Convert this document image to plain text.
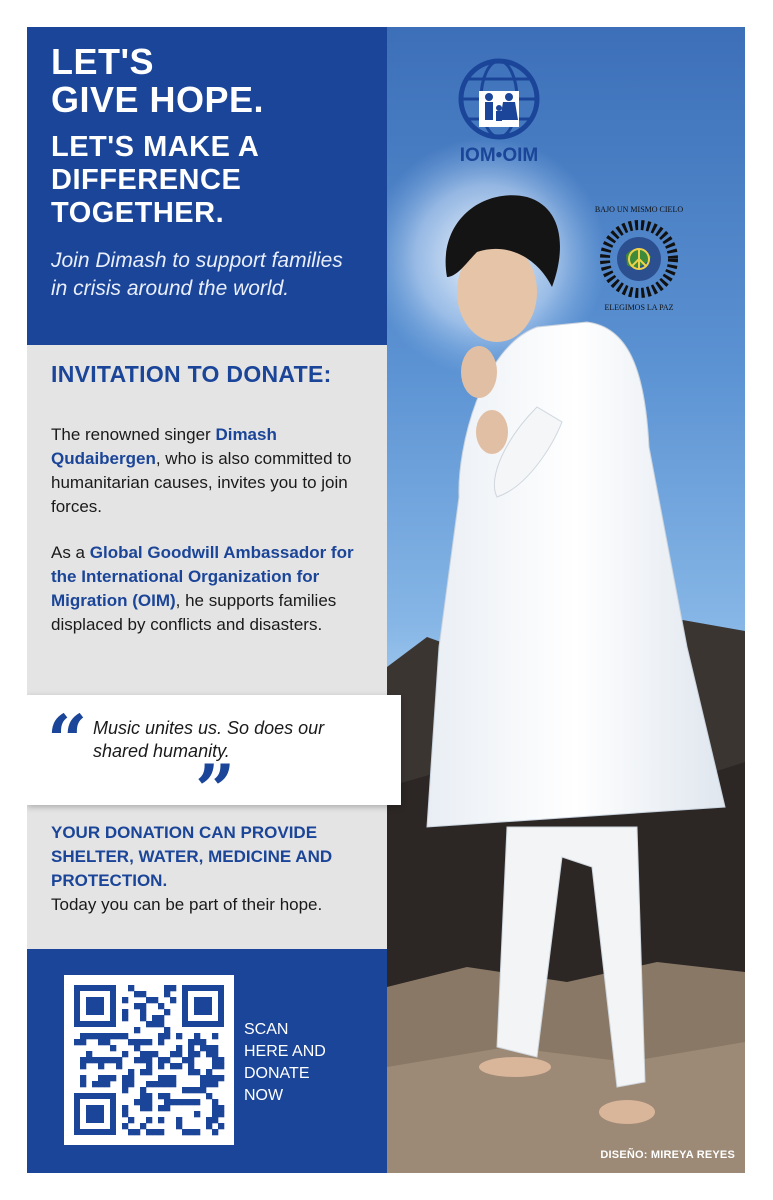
IOM•OIM
BAJO UN MISMO CIELO
ELEGIMOS LA PAZ
DISEÑO: MIREYA REYES
LET'S
GIVE HOPE.
LET'S MAKE A
DIFFERENCE
TOGETHER.
Join Dimash to support families in crisis around the world.
INVITATION TO DONATE:
The renowned singer Dimash Qudaibergen, who is also committed to humanitarian causes, invites you to join forces.
As a Global Goodwill Ambassador for the International Organization for Migration (OIM), he supports families displaced by conflicts and disasters.
YOUR DONATION CAN PROVIDE SHELTER, WATER, MEDICINE AND PROTECTION.
Today you can be part of their hope.
“ Music unites us. So does our shared humanity.
”
SCAN
HERE AND
DONATE
NOW
